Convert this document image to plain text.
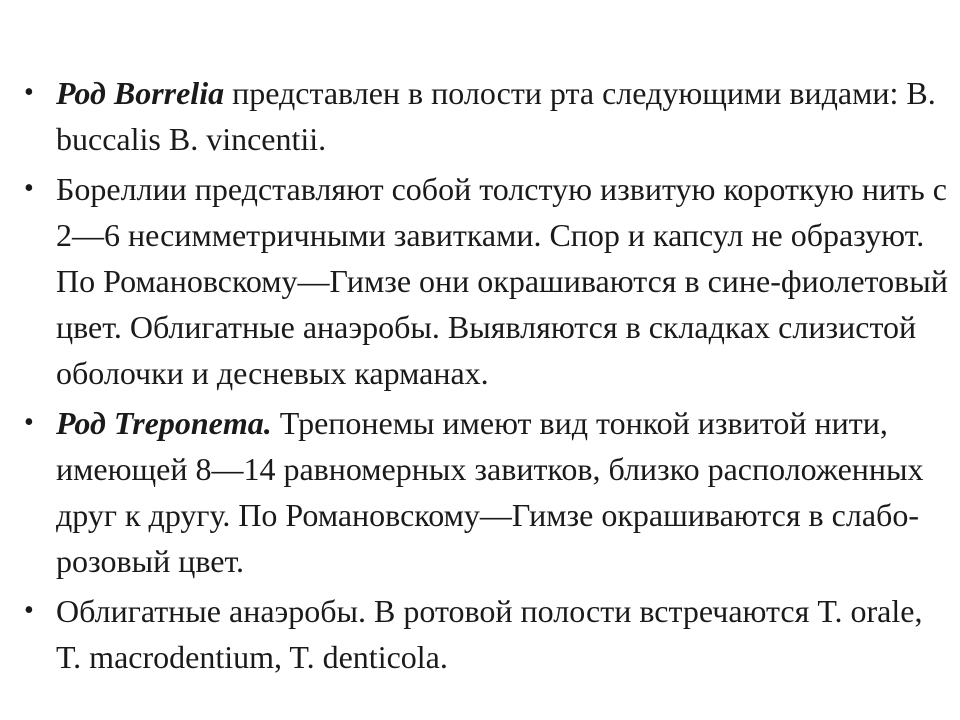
• Род Borrelia представлен в полости рта следующими видами: B. buccalis B. vincentii.
• Бореллии представляют собой толстую извитую короткую нить с 2—6 несимметричными завитками. Спор и капсул не образуют. По Романовскому—Гимзе они окрашиваются в сине-фиолетовый цвет. Облигатные анаэробы. Выявляются в складках слизистой оболочки и десневых карманах.
• Род Treponema. Трепонемы имеют вид тонкой извитой нити, имеющей 8—14 равномерных завитков, близко расположенных друг к другу. По Романовскому—Гимзе окрашиваются в слабо-розовый цвет.
• Облигатные анаэробы. В ротовой полости встречаются T. orale, T. macrodentium, T. denticola.
